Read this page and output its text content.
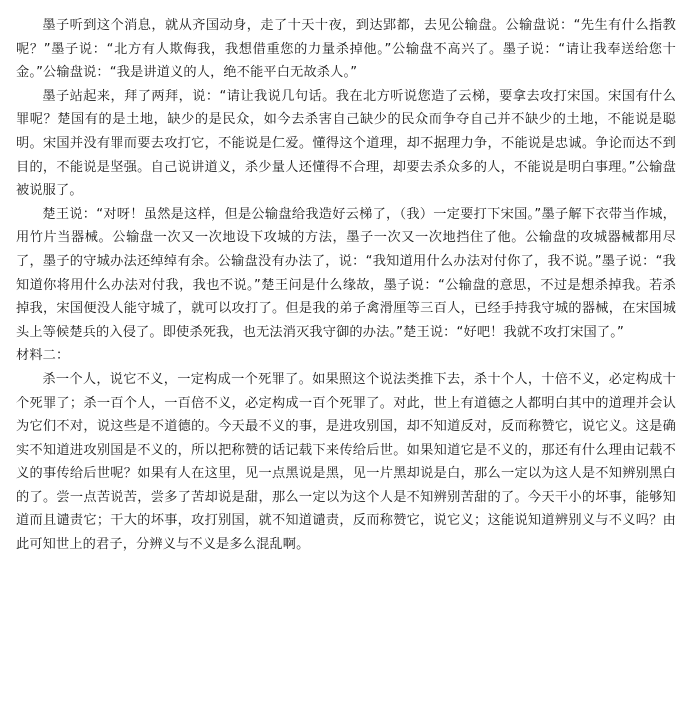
墨子听到这个消息，就从齐国动身，走了十天十夜，到达郢都，去见公输盘。公输盘说：“先生有什么指教呢？”墨子说：“北方有人欺侮我，我想借重您的力量杀掉他。”公输盘不高兴了。墨子说：“请让我奉送给您十金。”公输盘说：“我是讲道义的人，绝不能平白无故杀人。”

墨子站起来，拜了两拜，说：“请让我说几句话。我在北方听说您造了云梯，要拿去攻打宋国。宋国有什么罪呢？楚国有的是土地，缺少的是民众，如今去杀害自己缺少的民众而争夺自己并不缺少的土地，不能说是聪明。宋国并没有罪而要去攻打它，不能说是仁爱。懂得这个道理，却不据理力争，不能说是忠诚。争论而达不到目的，不能说是坚强。自己说讲道义，杀少量人还懂得不合理，却要去杀众多的人，不能说是明白事理。”公输盘被说服了。

楚王说：“对呀！虽然是这样，但是公输盘给我造好云梯了，（我）一定要打下宋国。”墨子解下衣带当作城，用竹片当器械。公输盘一次又一次地设下攻城的方法，墨子一次又一次地挡住了他。公输盘的攻城器械都用尽了，墨子的守城办法还绰绰有余。公输盘没有办法了，说：“我知道用什么办法对付你了，我不说。”墨子说：“我知道你将用什么办法对付我，我也不说。”楚王问是什么缘故，墨子说：“公输盘的意思，不过是想杀掉我。若杀掉我，宋国便没人能守城了，就可以攻打了。但是我的弟子禽滑厘等三百人，已经手持我守城的器械，在宋国城头上等候楚兵的入侵了。即使杀死我，也无法消灭我守御的办法。”楚王说：“好吧！我就不攻打宋国了。”

材料二：

杀一个人，说它不义，一定构成一个死罪了。如果照这个说法类推下去，杀十个人，十倍不义，必定构成十个死罪了；杀一百个人，一百倍不义，必定构成一百个死罪了。对此，世上有道德之人都明白其中的道理并会认为它们不对，说这些是不道德的。今天最不义的事，是进攻别国，却不知道反对，反而称赞它，说它义。这是确实不知道进攻别国是不义的，所以把称赞的话记载下来传给后世。如果知道它是不义的，那还有什么理由记载不义的事传给后世呢？如果有人在这里，见一点黑说是黑，见一片黑却说是白，那么一定以为这人是不知辨别黑白的了。尝一点苦说苦，尝多了苦却说是甜，那么一定以为这个人是不知辨别苦甜的了。今天干小的坏事，能够知道而且谴责它；干大的坏事，攻打别国，就不知道谴责，反而称赞它，说它义；这能说知道辨别义与不义吗？由此可知世上的君子，分辨义与不义是多么混乱啊。
